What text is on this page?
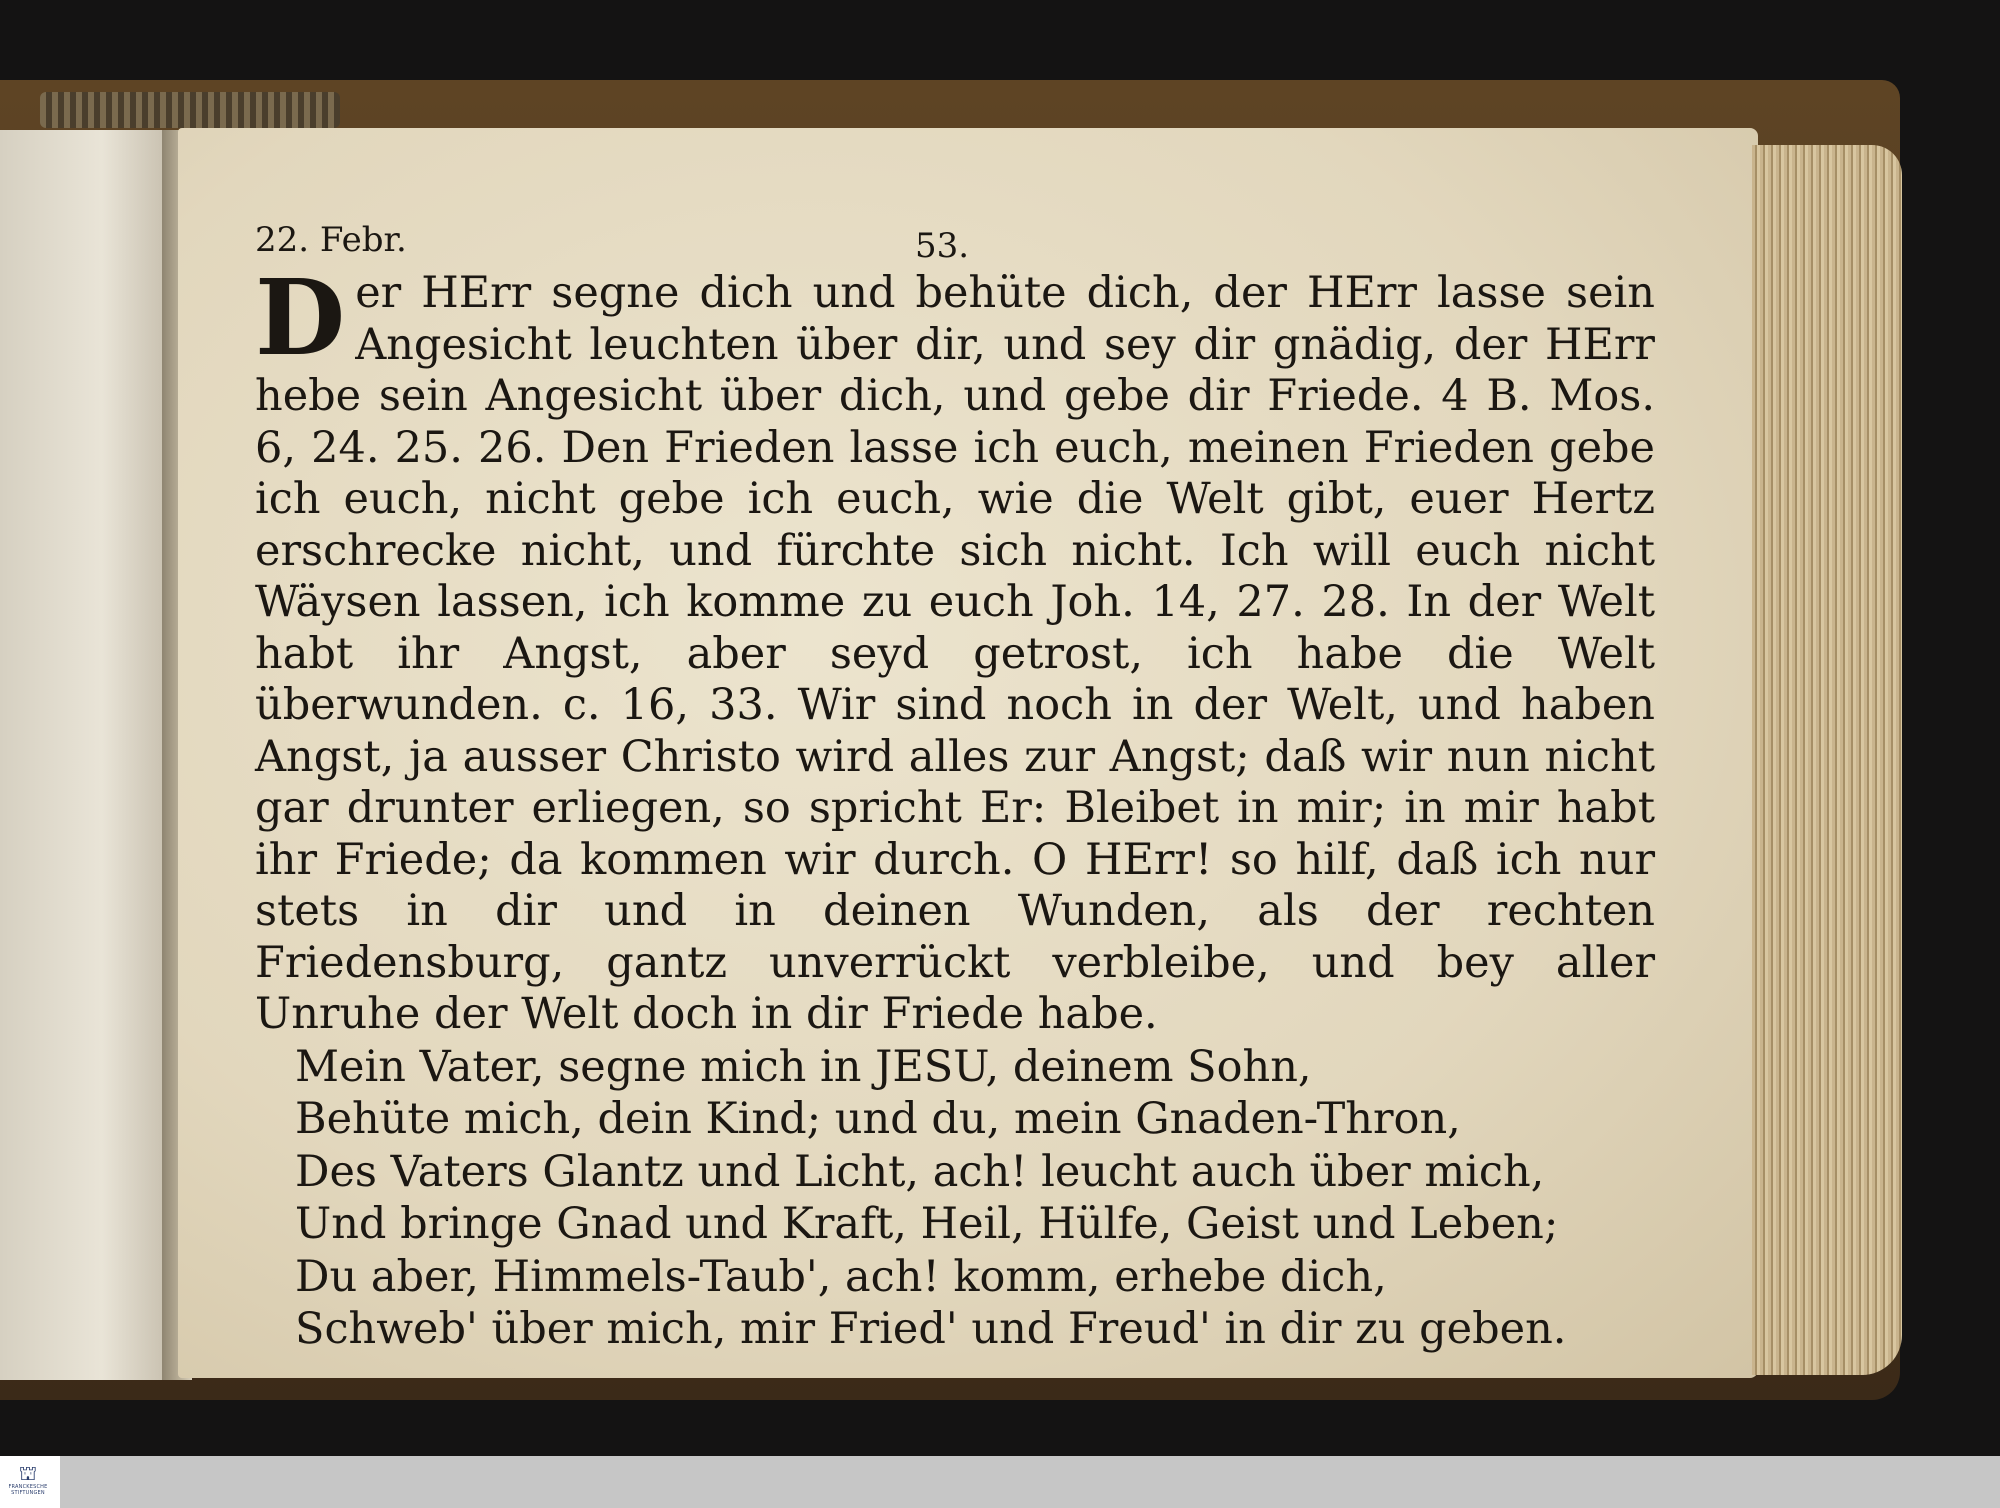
22. Febr.	53.

Der HErr segne dich und behüte dich, der HErr lasse sein Angesicht leuchten über dir, und sey dir gnädig, der HErr hebe sein Angesicht über dich, und gebe dir Friede. 4 B. Mos. 6, 24. 25. 26. Den Frieden lasse ich euch, meinen Frieden gebe ich euch, nicht gebe ich euch, wie die Welt gibt, euer Hertz erschrecke nicht, und fürchte sich nicht. Ich will euch nicht Wäysen lassen, ich komme zu euch Joh. 14, 27. 28. In der Welt habt ihr Angst, aber seyd getrost, ich habe die Welt überwunden. c. 16, 33. Wir sind noch in der Welt, und haben Angst, ja ausser Christo wird alles zur Angst; daß wir nun nicht gar drunter erliegen, so spricht Er: Bleibet in mir; in mir habt ihr Friede; da kommen wir durch. O HErr! so hilf, daß ich nur stets in dir und in deinen Wunden, als der rechten Friedensburg, gantz unverrückt verbleibe, und bey aller Unruhe der Welt doch in dir Friede habe.

Mein Vater, segne mich in JESU, deinem Sohn,
Behüte mich, dein Kind; und du, mein Gnaden-Thron,
Des Vaters Glantz und Licht, ach! leucht auch über mich,
Und bringe Gnad und Kraft, Heil, Hülfe, Geist und Leben;
Du aber, Himmels-Taub', ach! komm, erhebe dich,
Schweb' über mich, mir Fried' und Freud' in dir zu geben.
⛫
FRANCKESCHE
STIFTUNGEN
